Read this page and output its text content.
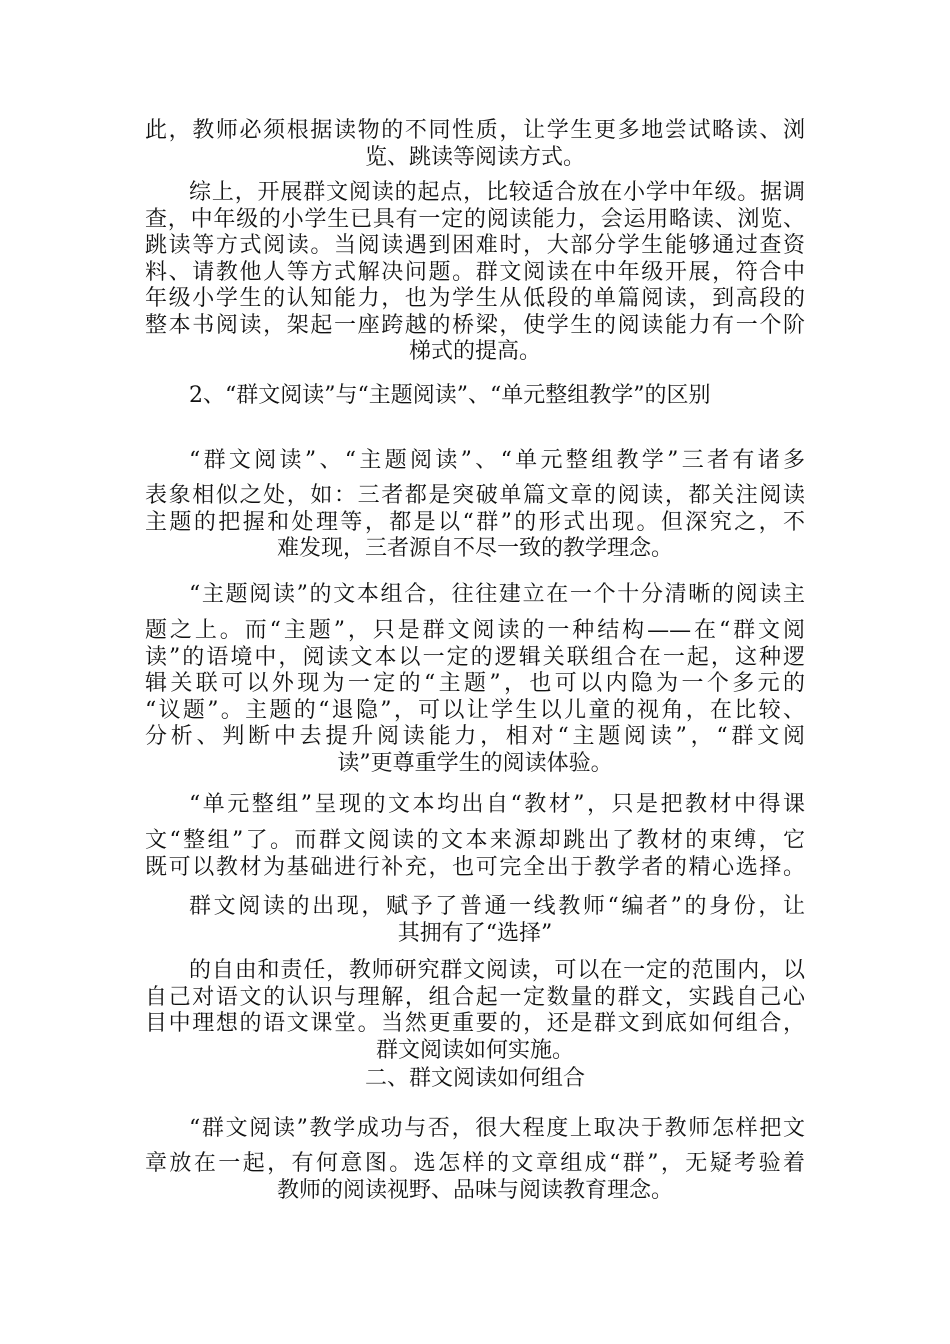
此，教师必须根据读物的不同性质，让学生更多地尝试略读、浏
览、跳读等阅读方式。
综上，开展群文阅读的起点，比较适合放在小学中年级。据调
查，中年级的小学生已具有一定的阅读能力，会运用略读、浏览、
跳读等方式阅读。当阅读遇到困难时，大部分学生能够通过查资
料、请教他人等方式解决问题。群文阅读在中年级开展，符合中
年级小学生的认知能力，也为学生从低段的单篇阅读，到高段的
整本书阅读，架起一座跨越的桥梁，使学生的阅读能力有一个阶
梯式的提高。
2、“群文阅读”与“主题阅读”、“单元整组教学”的区别
“群文阅读”、“主题阅读”、“单元整组教学”三者有诸多
表象相似之处，如：三者都是突破单篇文章的阅读，都关注阅读
主题的把握和处理等，都是以“群”的形式出现。但深究之，不
难发现，三者源自不尽一致的教学理念。
“主题阅读”的文本组合，往往建立在一个十分清晰的阅读主
题之上。而“主题”，只是群文阅读的一种结构——在“群文阅
读”的语境中，阅读文本以一定的逻辑关联组合在一起，这种逻
辑关联可以外现为一定的“主题”，也可以内隐为一个多元的
“议题”。主题的“退隐”，可以让学生以儿童的视角，在比较、
分析、判断中去提升阅读能力，相对“主题阅读”，“群文阅
读”更尊重学生的阅读体验。
“单元整组”呈现的文本均出自“教材”，只是把教材中得课
文“整组”了。而群文阅读的文本来源却跳出了教材的束缚，它
既可以教材为基础进行补充，也可完全出于教学者的精心选择。
群文阅读的出现，赋予了普通一线教师“编者”的身份，让
其拥有了“选择”
的自由和责任，教师研究群文阅读，可以在一定的范围内，以
自己对语文的认识与理解，组合起一定数量的群文，实践自己心
目中理想的语文课堂。当然更重要的，还是群文到底如何组合，
群文阅读如何实施。
二、群文阅读如何组合
“群文阅读”教学成功与否，很大程度上取决于教师怎样把文
章放在一起，有何意图。选怎样的文章组成“群”，无疑考验着
教师的阅读视野、品味与阅读教育理念。
